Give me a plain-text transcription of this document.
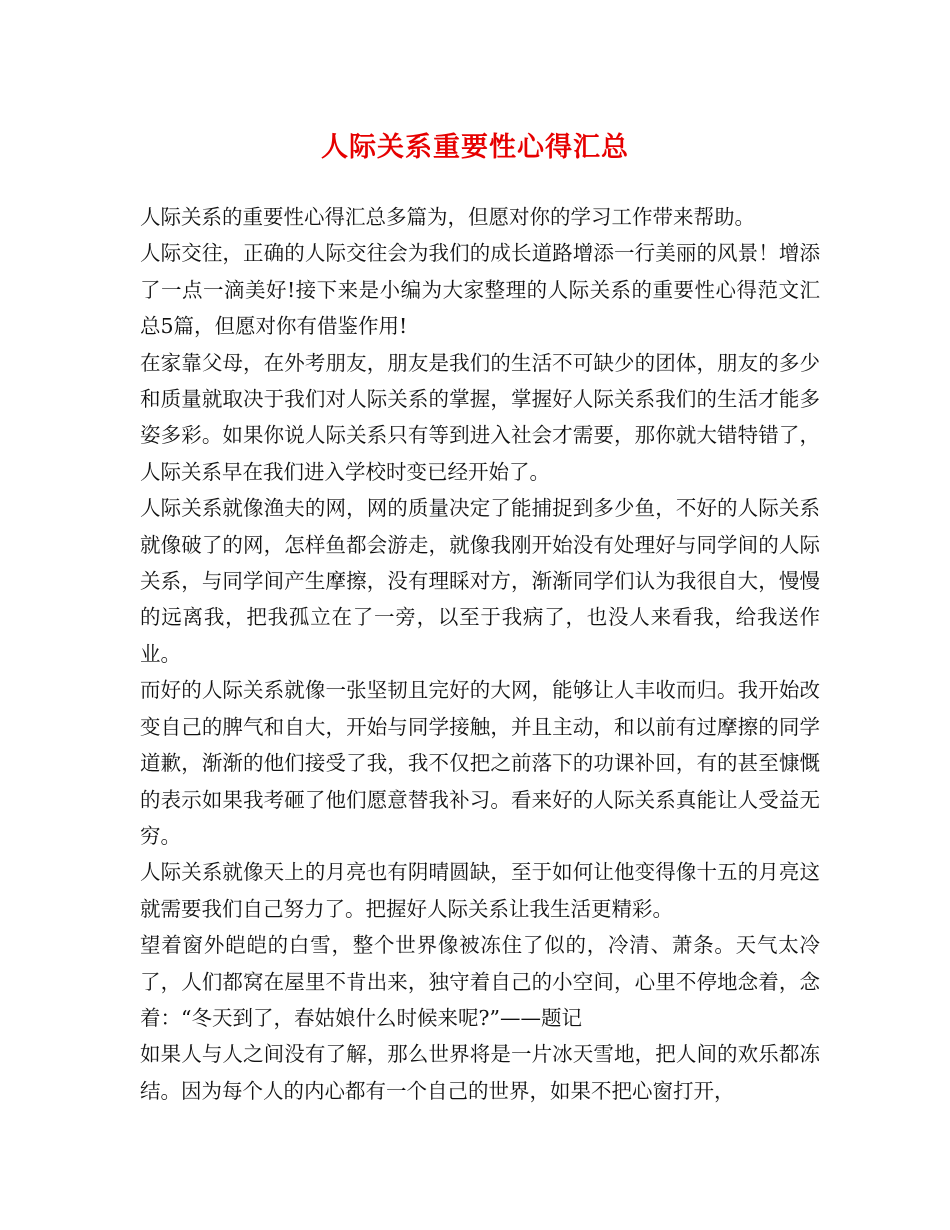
人际关系重要性心得汇总

人际关系的重要性心得汇总多篇为，但愿对你的学习工作带来帮助。

人际交往，正确的人际交往会为我们的成长道路增添一行美丽的风景！增添了一点一滴美好!接下来是小编为大家整理的人际关系的重要性心得范文汇总5篇，但愿对你有借鉴作用!

在家靠父母，在外考朋友，朋友是我们的生活不可缺少的团体，朋友的多少和质量就取决于我们对人际关系的掌握，掌握好人际关系我们的生活才能多姿多彩。如果你说人际关系只有等到进入社会才需要，那你就大错特错了，人际关系早在我们进入学校时变已经开始了。

人际关系就像渔夫的网，网的质量决定了能捕捉到多少鱼，不好的人际关系就像破了的网，怎样鱼都会游走，就像我刚开始没有处理好与同学间的人际关系，与同学间产生摩擦，没有理睬对方，渐渐同学们认为我很自大，慢慢的远离我，把我孤立在了一旁，以至于我病了，也没人来看我，给我送作业。

而好的人际关系就像一张坚韧且完好的大网，能够让人丰收而归。我开始改变自己的脾气和自大，开始与同学接触，并且主动，和以前有过摩擦的同学道歉，渐渐的他们接受了我，我不仅把之前落下的功课补回，有的甚至慷慨的表示如果我考砸了他们愿意替我补习。看来好的人际关系真能让人受益无穷。

人际关系就像天上的月亮也有阴晴圆缺，至于如何让他变得像十五的月亮这就需要我们自己努力了。把握好人际关系让我生活更精彩。

望着窗外皑皑的白雪，整个世界像被冻住了似的，冷清、萧条。天气太冷了，人们都窝在屋里不肯出来，独守着自己的小空间，心里不停地念着，念着：“冬天到了，春姑娘什么时候来呢?”——题记

如果人与人之间没有了解，那么世界将是一片冰天雪地，把人间的欢乐都冻结。因为每个人的内心都有一个自己的世界，如果不把心窗打开，
